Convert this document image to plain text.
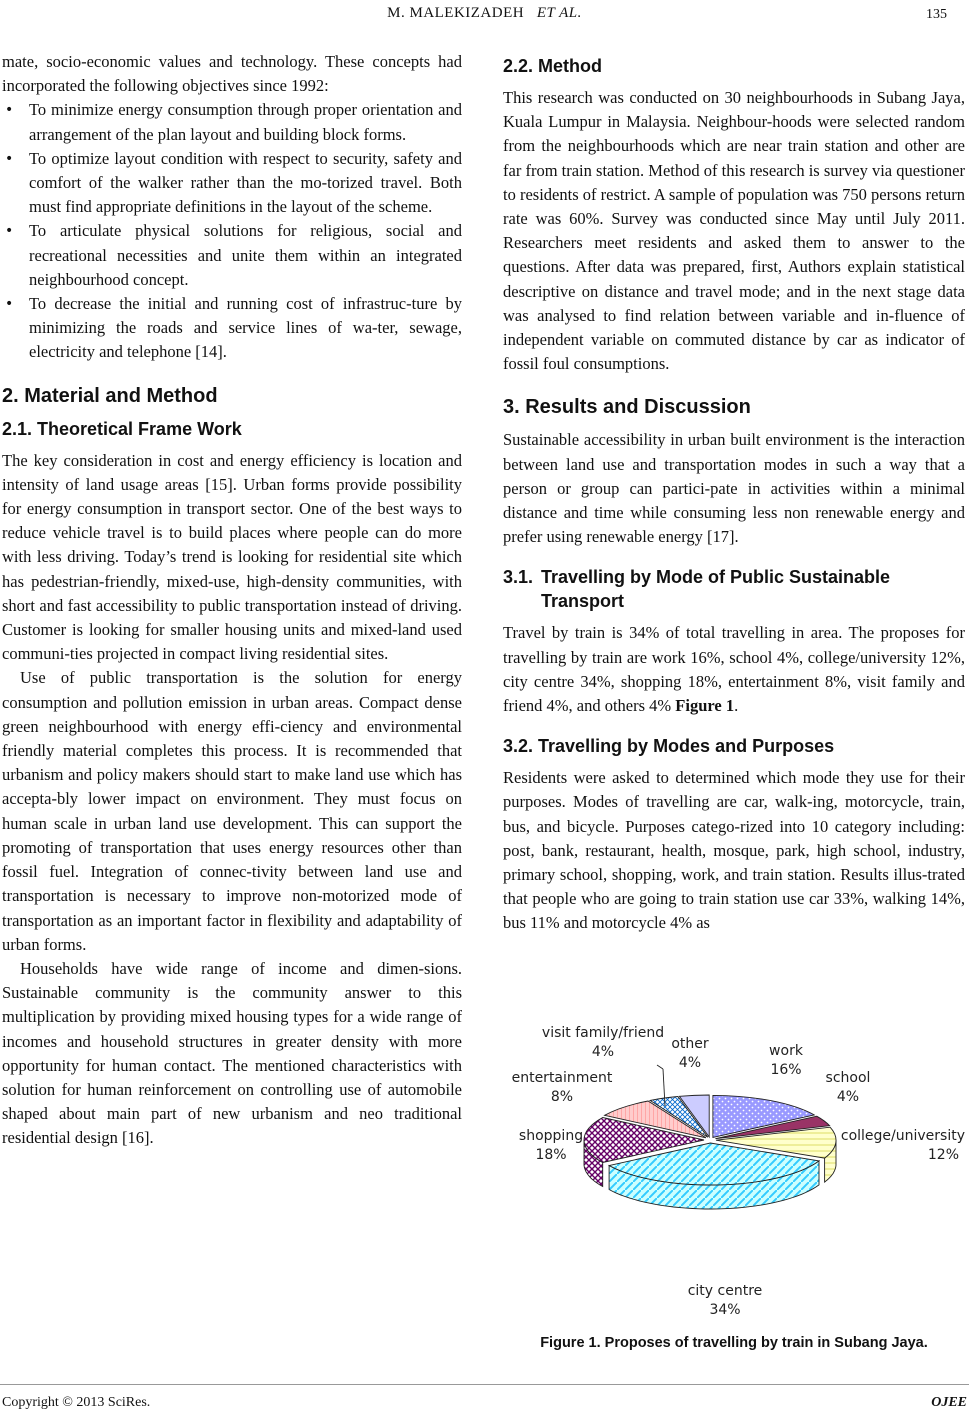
M. MALEKIZADEH ET AL.	135

mate, socio-economic values and technology. These concepts had incorporated the following objectives since 1992:

• To minimize energy consumption through proper orientation and arrangement of the plan layout and building block forms.
• To optimize layout condition with respect to security, safety and comfort of the walker rather than the mo-torized travel. Both must find appropriate definitions in the layout of the scheme.
• To articulate physical solutions for religious, social and recreational necessities and unite them within an integrated neighbourhood concept.
• To decrease the initial and running cost of infrastruc-ture by minimizing the roads and service lines of wa-ter, sewage, electricity and telephone [14].
2. Material and Method
2.1. Theoretical Frame Work

The key consideration in cost and energy efficiency is location and intensity of land usage areas [15]. Urban forms provide possibility for energy consumption in transport sector. One of the best ways to reduce vehicle travel is to build places where people can do more with less driving. Today’s trend is looking for residential site which has pedestrian-friendly, mixed-use, high-density communities, with short and fast accessibility to public transportation instead of driving. Customer is looking for smaller housing units and mixed-land used communi-ties projected in compact living residential sites.

Use of public transportation is the solution for energy consumption and pollution emission in urban areas. Compact dense green neighbourhood with energy effi-ciency and environmental friendly material completes this process. It is recommended that urbanism and policy makers should start to make land use which has accepta-bly lower impact on environment. They must focus on human scale in urban land use development. This can support the promoting of transportation that uses energy resources other than fossil fuel. Integration of connec-tivity between land use and transportation is necessary to improve non-motorized mode of transportation as an important factor in flexibility and adaptability of urban forms.

Households have wide range of income and dimen-sions. Sustainable community is the community answer to this multiplication by providing mixed housing types for a wide range of incomes and household structures in greater density with more opportunity for human contact. The mentioned characteristics with solution for human reinforcement on controlling use of automobile shaped about main part of new urbanism and neo traditional residential design [16].

2.2. Method

This research was conducted on 30 neighbourhoods in Subang Jaya, Kuala Lumpur in Malaysia. Neighbour-hoods were selected random from the neighbourhoods which are near train station and other are far from train station. Method of this research is survey via questioner to residents of restrict. A sample of population was 750 persons return rate was 60%. Survey was conducted since May until July 2011. Researchers meet residents and asked them to answer to the questions. After data was prepared, first, Authors explain statistical descriptive on distance and travel mode; and in the next stage data was analysed to find relation between variable and in-fluence of independent variable on commuted distance by car as indicator of fossil foul consumptions.

3. Results and Discussion

Sustainable accessibility in urban built environment is the interaction between land use and transportation modes in such a way that a person or group can partici-pate in activities within a minimal distance and time while consuming less non renewable energy and prefer using renewable energy [17].

3.1. Travelling by Mode of Public Sustainable Transport

Travel by train is 34% of total travelling in area. The proposes for travelling by train are work 16%, school 4%, college/university 12%, city centre 34%, shopping 18%, entertainment 8%, visit family and friend 4%, and others 4% Figure 1.

3.2. Travelling by Modes and Purposes

Residents were asked to determined which mode they use for their purposes. Modes of travelling are car, walk-ing, motorcycle, train, bus, and bicycle. Purposes catego-rized into 10 category including: post, bank, restaurant, health, mosque, park, high school, industry, primary school, shopping, work, and train station. Results illus-trated that people who are going to train station use car 33%, walking 14%, bus 11% and motorcycle 4% as

visit family/friend
4%	other
4%
work
16%	school
4%
entertainment
8%
shopping
18%
college/university
12%
city centre
34%
Figure 1. Proposes of travelling by train in Subang Jaya.
Copyright © 2013 SciRes.	OJEE
